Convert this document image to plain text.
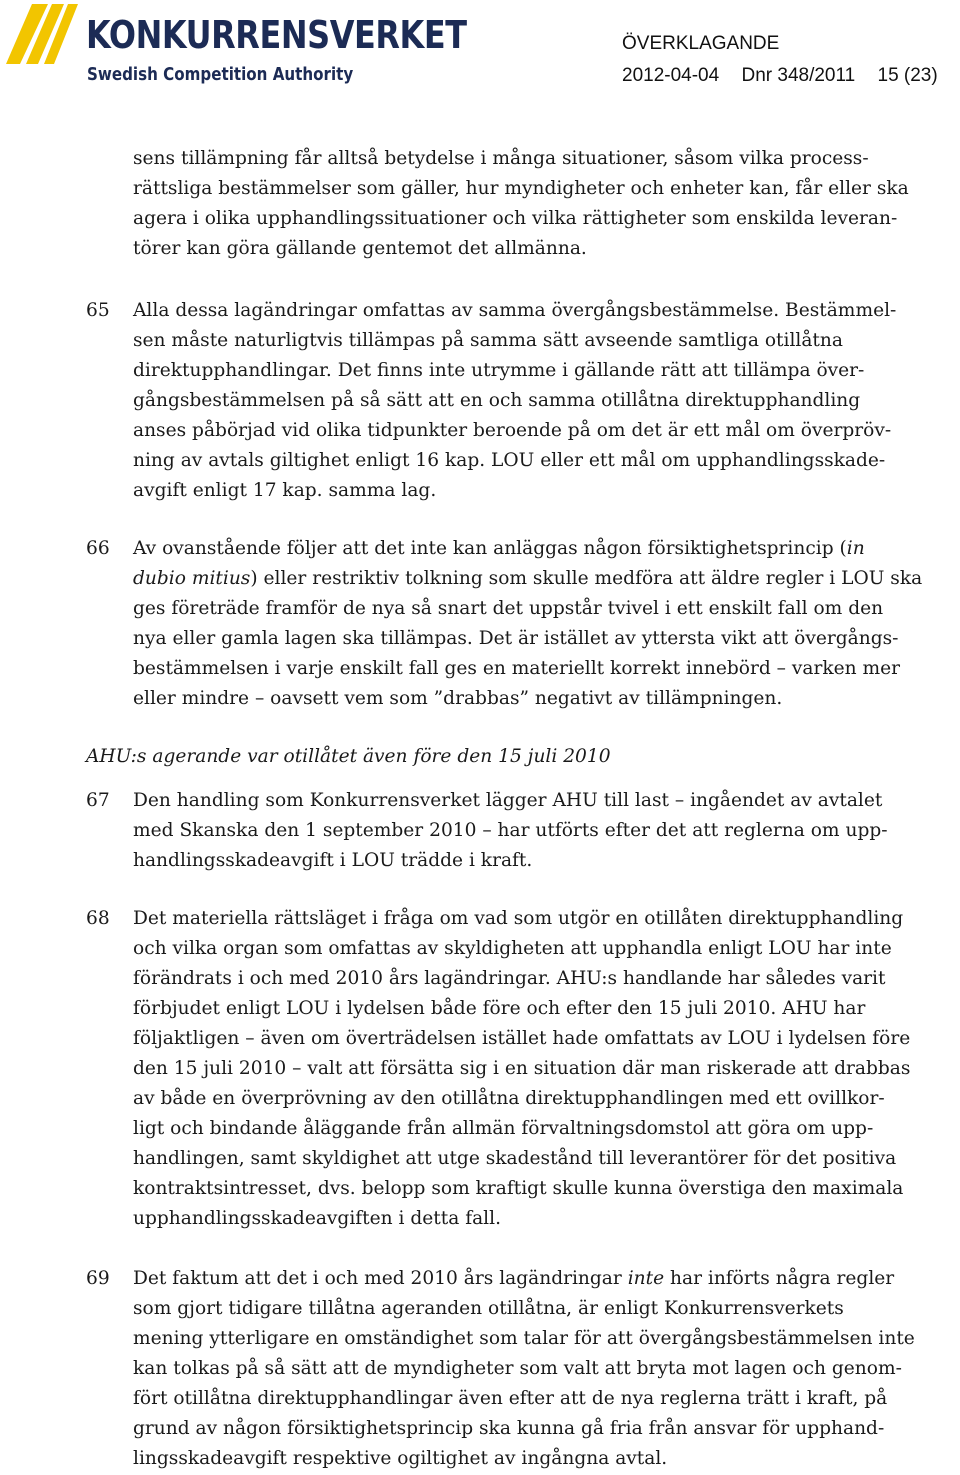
KONKURRENSVERKET
Swedish Competition Authority
ÖVERKLAGANDE
2012-04-04 Dnr 348/2011 15 (23)
sens tillämpning får alltså betydelse i många situationer, såsom vilka process-
rättsliga bestämmelser som gäller, hur myndigheter och enheter kan, får eller ska
agera i olika upphandlingssituationer och vilka rättigheter som enskilda leveran-
törer kan göra gällande gentemot det allmänna.
65 Alla dessa lagändringar omfattas av samma övergångsbestämmelse. Bestämmel-
sen måste naturligtvis tillämpas på samma sätt avseende samtliga otillåtna
direktupphandlingar. Det finns inte utrymme i gällande rätt att tillämpa över-
gångsbestämmelsen på så sätt att en och samma otillåtna direktupphandling
anses påbörjad vid olika tidpunkter beroende på om det är ett mål om överpröv-
ning av avtals giltighet enligt 16 kap. LOU eller ett mål om upphandlingsskade-
avgift enligt 17 kap. samma lag.
66 Av ovanstående följer att det inte kan anläggas någon försiktighetsprincip (in
dubio mitius) eller restriktiv tolkning som skulle medföra att äldre regler i LOU ska
ges företräde framför de nya så snart det uppstår tvivel i ett enskilt fall om den
nya eller gamla lagen ska tillämpas. Det är istället av yttersta vikt att övergångs-
bestämmelsen i varje enskilt fall ges en materiellt korrekt innebörd – varken mer
eller mindre – oavsett vem som ”drabbas” negativt av tillämpningen.
AHU:s agerande var otillåtet även före den 15 juli 2010
67 Den handling som Konkurrensverket lägger AHU till last – ingåendet av avtalet
med Skanska den 1 september 2010 – har utförts efter det att reglerna om upp-
handlingsskadeavgift i LOU trädde i kraft.
68 Det materiella rättsläget i fråga om vad som utgör en otillåten direktupphandling
och vilka organ som omfattas av skyldigheten att upphandla enligt LOU har inte
förändrats i och med 2010 års lagändringar. AHU:s handlande har således varit
förbjudet enligt LOU i lydelsen både före och efter den 15 juli 2010. AHU har
följaktligen – även om överträdelsen istället hade omfattats av LOU i lydelsen före
den 15 juli 2010 – valt att försätta sig i en situation där man riskerade att drabbas
av både en överprövning av den otillåtna direktupphandlingen med ett ovillkor-
ligt och bindande åläggande från allmän förvaltningsdomstol att göra om upp-
handlingen, samt skyldighet att utge skadestånd till leverantörer för det positiva
kontraktsintresset, dvs. belopp som kraftigt skulle kunna överstiga den maximala
upphandlingsskadeavgiften i detta fall.
69 Det faktum att det i och med 2010 års lagändringar inte har införts några regler
som gjort tidigare tillåtna ageranden otillåtna, är enligt Konkurrensverkets
mening ytterligare en omständighet som talar för att övergångsbestämmelsen inte
kan tolkas på så sätt att de myndigheter som valt att bryta mot lagen och genom-
fört otillåtna direktupphandlingar även efter att de nya reglerna trätt i kraft, på
grund av någon försiktighetsprincip ska kunna gå fria från ansvar för upphand-
lingsskadeavgift respektive ogiltighet av ingångna avtal.
